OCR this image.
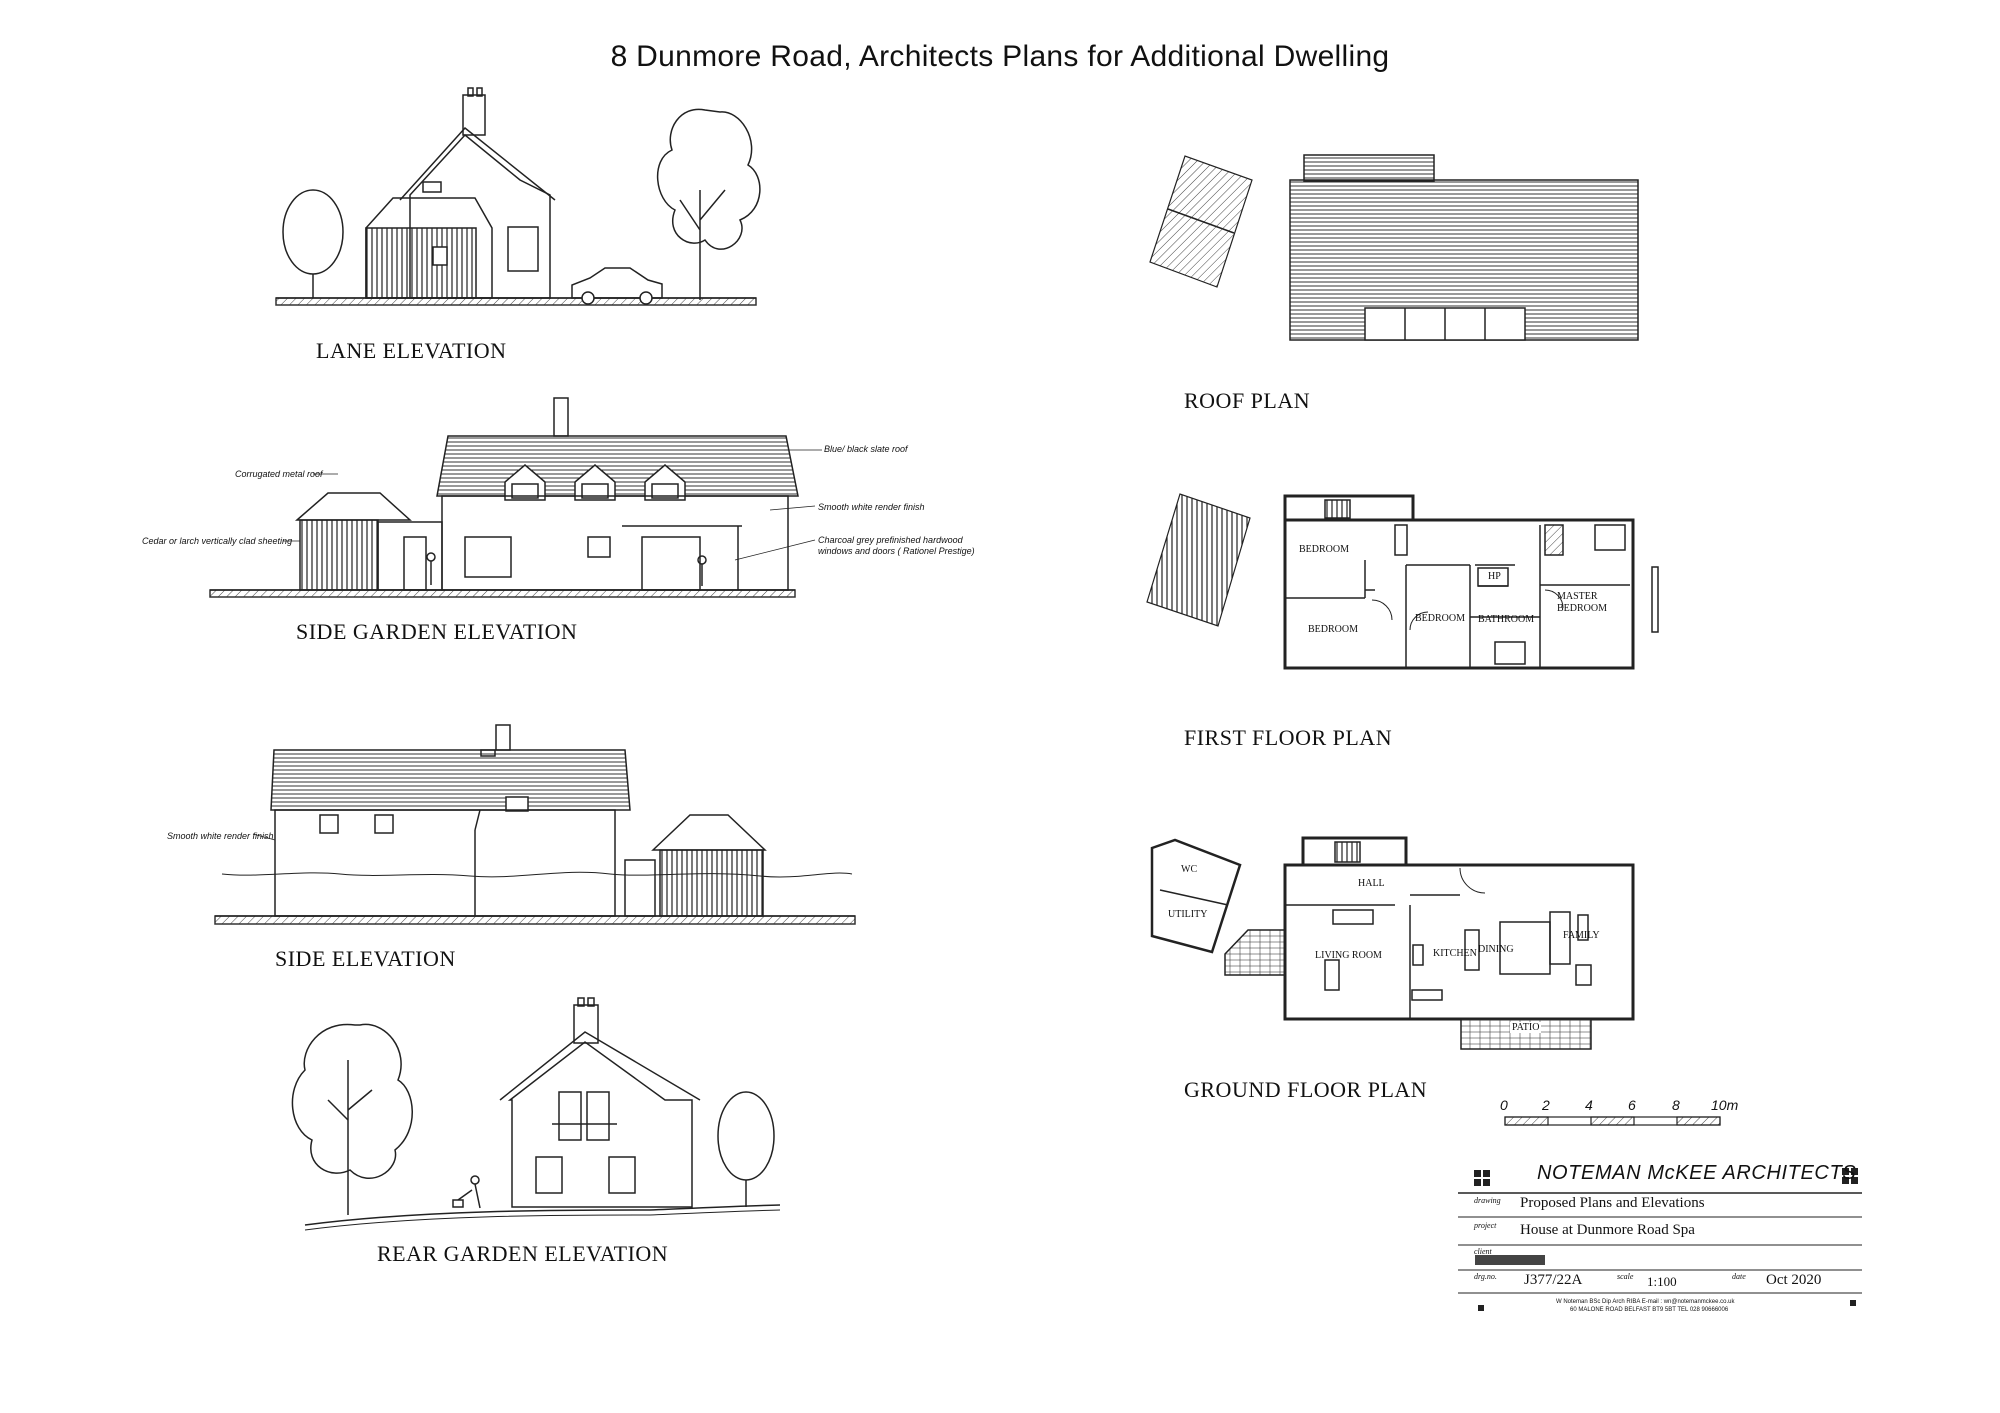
8 Dunmore Road, Architects Plans for Additional Dwelling
LANE ELEVATION
SIDE GARDEN ELEVATION
SIDE ELEVATION
REAR GARDEN ELEVATION
ROOF PLAN
FIRST FLOOR PLAN
GROUND FLOOR PLAN
Corrugated metal roof
Cedar or larch vertically clad sheeting
Blue/ black slate roof
Smooth white render finish
Charcoal grey prefinished hardwood
windows and doors ( Rationel Prestige)
Smooth white render finish
BEDROOM
BEDROOM
BEDROOM BATHROOM
HP
MASTER
BEDROOM
WC
UTILITY
HALL
LIVING ROOM	KITCHEN DINING
FAMILY
PATIO
0 2	4	6	8 10m
NOTEMAN McKEE ARCHITECTS
drawing Proposed Plans and Elevations
project House at Dunmore Road Spa
client
drg.no. J377/22A	scale 1:100	date Oct 2020
W Noteman BSc Dip Arch RIBA E-mail : wn@notemanmckee.co.uk
60 MALONE ROAD BELFAST BT9 5BT TEL 028 90666006
